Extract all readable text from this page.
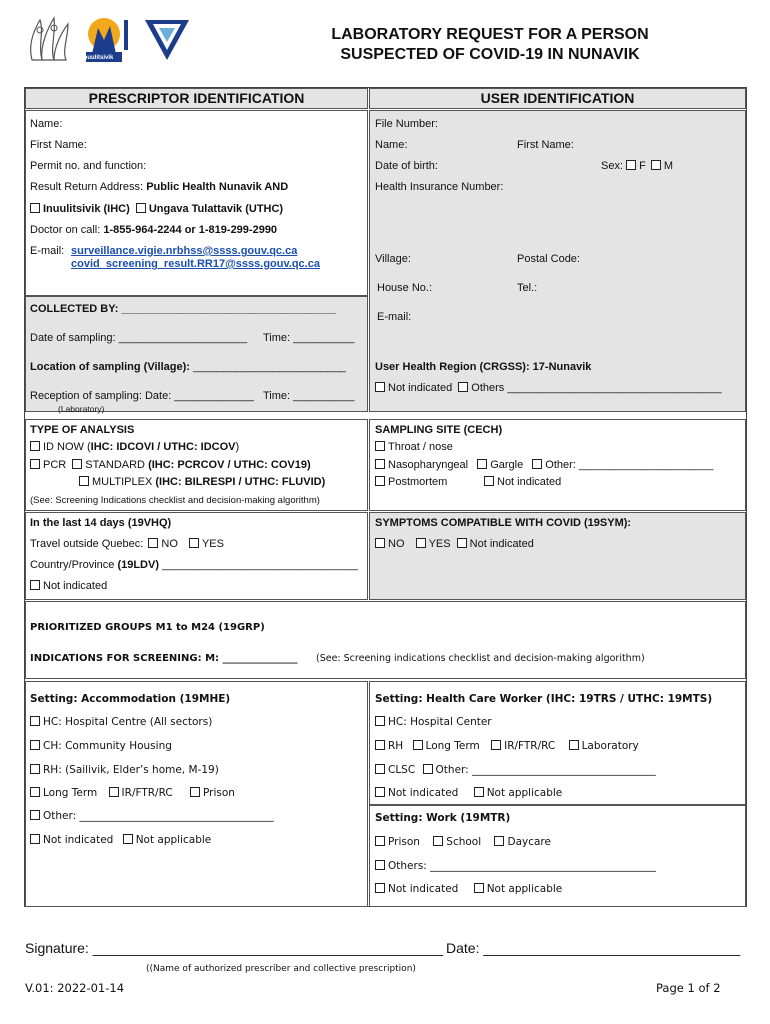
Inuulitsivik
LABORATORY REQUEST FOR A PERSON
SUSPECTED OF COVID-19 IN NUNAVIK
PRESCRIPTOR IDENTIFICATION	USER IDENTIFICATION
Name:
First Name:
Permit no. and function:
Result Return Address: Public Health Nunavik AND
Inuulitsivik (IHC) Ungava Tulattavik (UTHC)
Doctor on call: 1-855-964-2244 or 1-819-299-2990
E-mail: surveillance.vigie.nrbhss@ssss.gouv.qc.ca
covid_screening_result.RR17@ssss.gouv.qc.ca
File Number:
Name:	First Name:
Date of birth:	Sex: F M
Health Insurance Number:
Village:	Postal Code:
House No.:	Tel.:
E-mail:
User Health Region (CRGSS): 17-Nunavik
Not indicated Others ___________________________________
COLLECTED BY: ___________________________________
Date of sampling: _____________________ Time: __________
Location of sampling (Village): _________________________
Reception of sampling: Date: _____________ Time: __________
(Laboratory)
TYPE OF ANALYSIS
ID NOW (IHC: IDCOVI / UTHC: IDCOV)
PCR STANDARD (IHC: PCRCOV / UTHC: COV19)
MULTIPLEX (IHC: BILRESPI / UTHC: FLUVID)
(See: Screening Indications checklist and decision-making algorithm)
SAMPLING SITE (CECH)
Throat / nose
Nasopharyngeal Gargle Other: ______________________
Postmortem	Not indicated
In the last 14 days (19VHQ)
Travel outside Quebec: NO YES
Country/Province (19LDV) ________________________________
Not indicated
SYMPTOMS COMPATIBLE WITH COVID (19SYM):
NO YES Not indicated
PRIORITIZED GROUPS M1 to M24 (19GRP)
INDICATIONS FOR SCREENING: M: _______________ (See: Screening indications checklist and decision-making algorithm)
Setting: Accommodation (19MHE)
HC: Hospital Centre (All sectors)
CH: Community Housing
RH: (Sailivik, Elder’s home, M-19)
Long Term IR/FTR/RC	Prison
Other: _____________________________________
Not indicated Not applicable
Setting: Health Care Worker (IHC: 19TRS / UTHC: 19MTS)
HC: Hospital Center
RH Long Term IR/FTR/RC	Laboratory
CLSC Other: ___________________________________
Not indicated	Not applicable
Setting: Work (19MTR)
Prison	School	Daycare
Others: ___________________________________________
Not indicated	Not applicable
Signature: _____________________________________________ Date: _________________________________
((Name of authorized prescriber and collective prescription)
V.01: 2022-01-14	Page 1 of 2
